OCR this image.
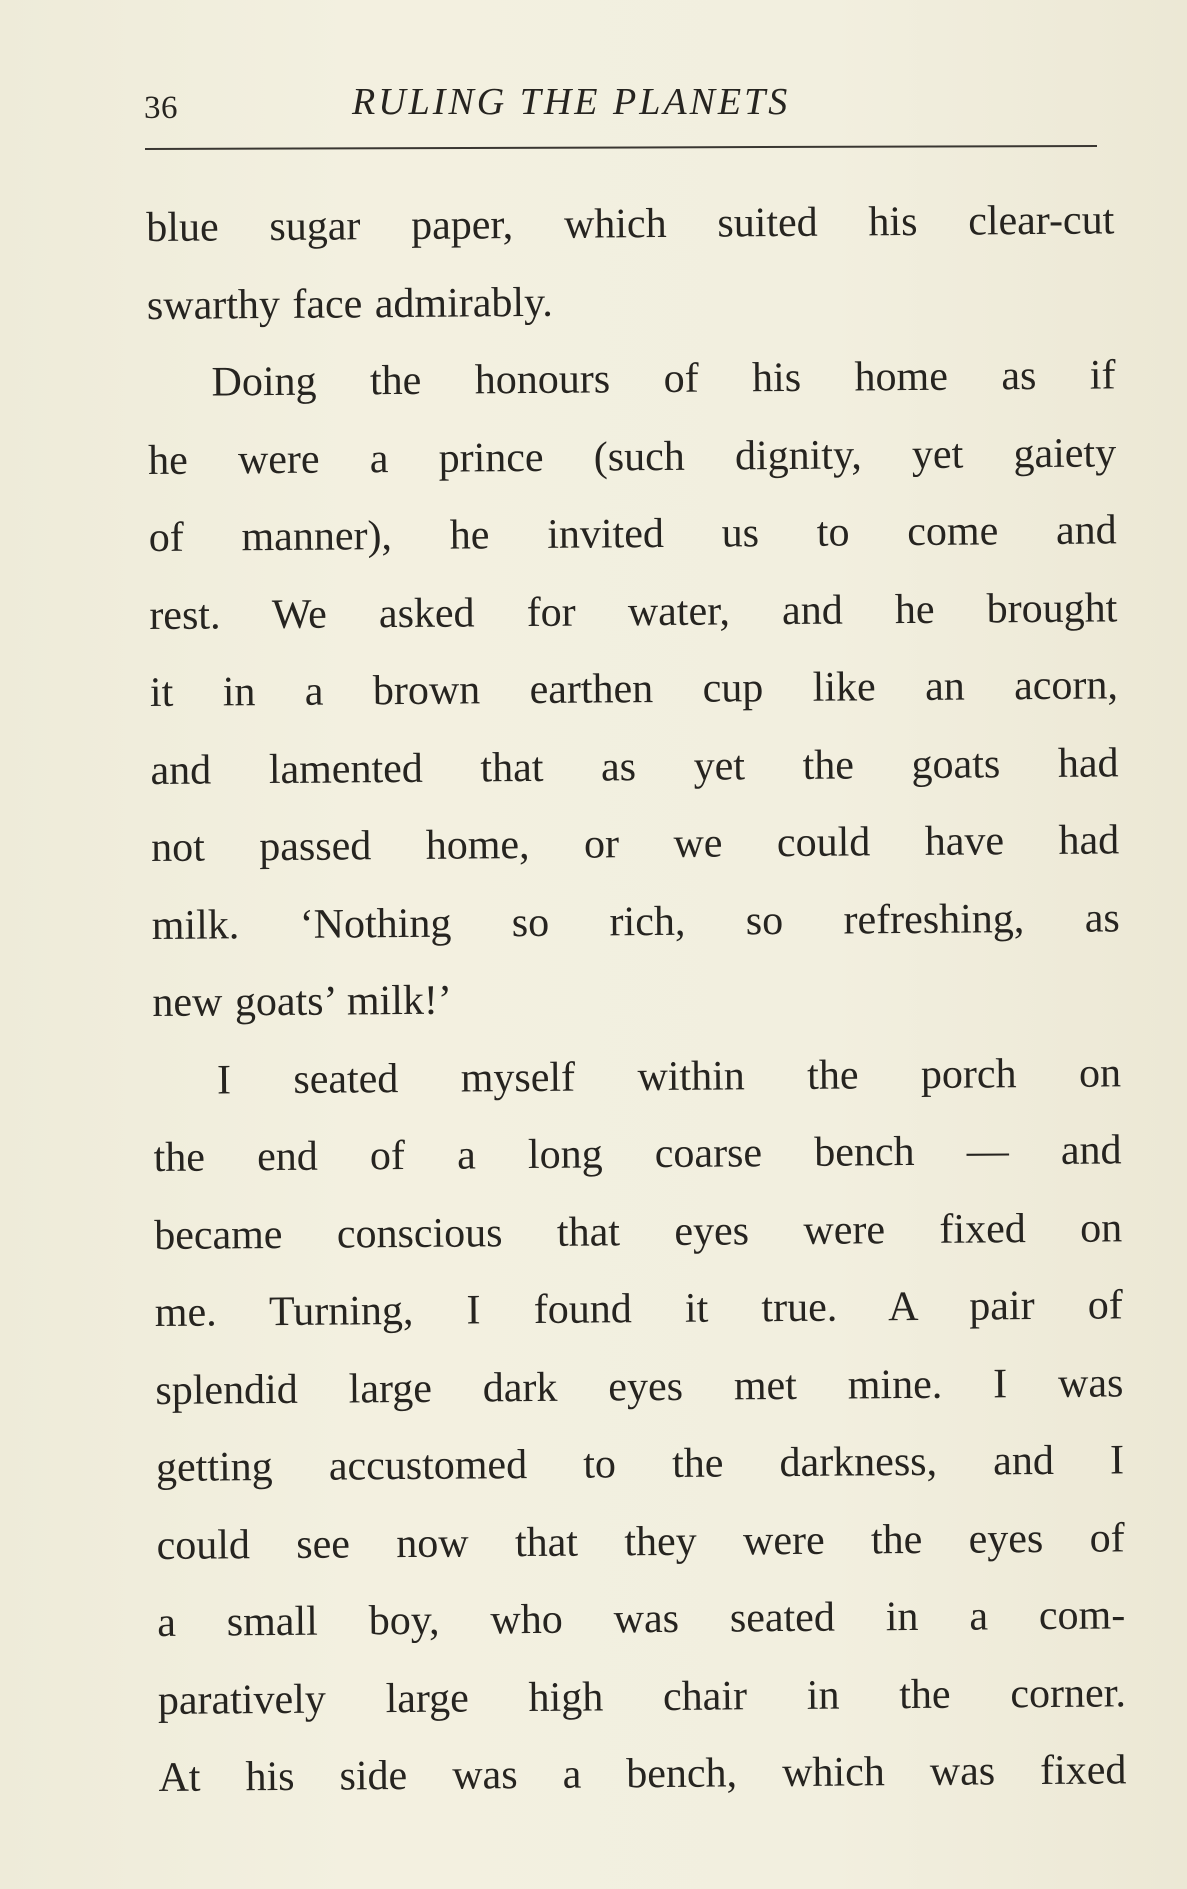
36	RULING THE PLANETS
blue sugar paper, which suited his clear-cut
swarthy face admirably.
Doing the honours of his home as if
he were a prince (such dignity, yet gaiety
of manner), he invited us to come and
rest. We asked for water, and he brought
it in a brown earthen cup like an acorn,
and lamented that as yet the goats had
not passed home, or we could have had
milk. ‘Nothing so rich, so refreshing, as
new goats’ milk!’
I seated myself within the porch on
the end of a long coarse bench — and
became conscious that eyes were fixed on
me. Turning, I found it true. A pair of
splendid large dark eyes met mine. I was
getting accustomed to the darkness, and I
could see now that they were the eyes of
a small boy, who was seated in a com-
paratively large high chair in the corner.
At his side was a bench, which was fixed
